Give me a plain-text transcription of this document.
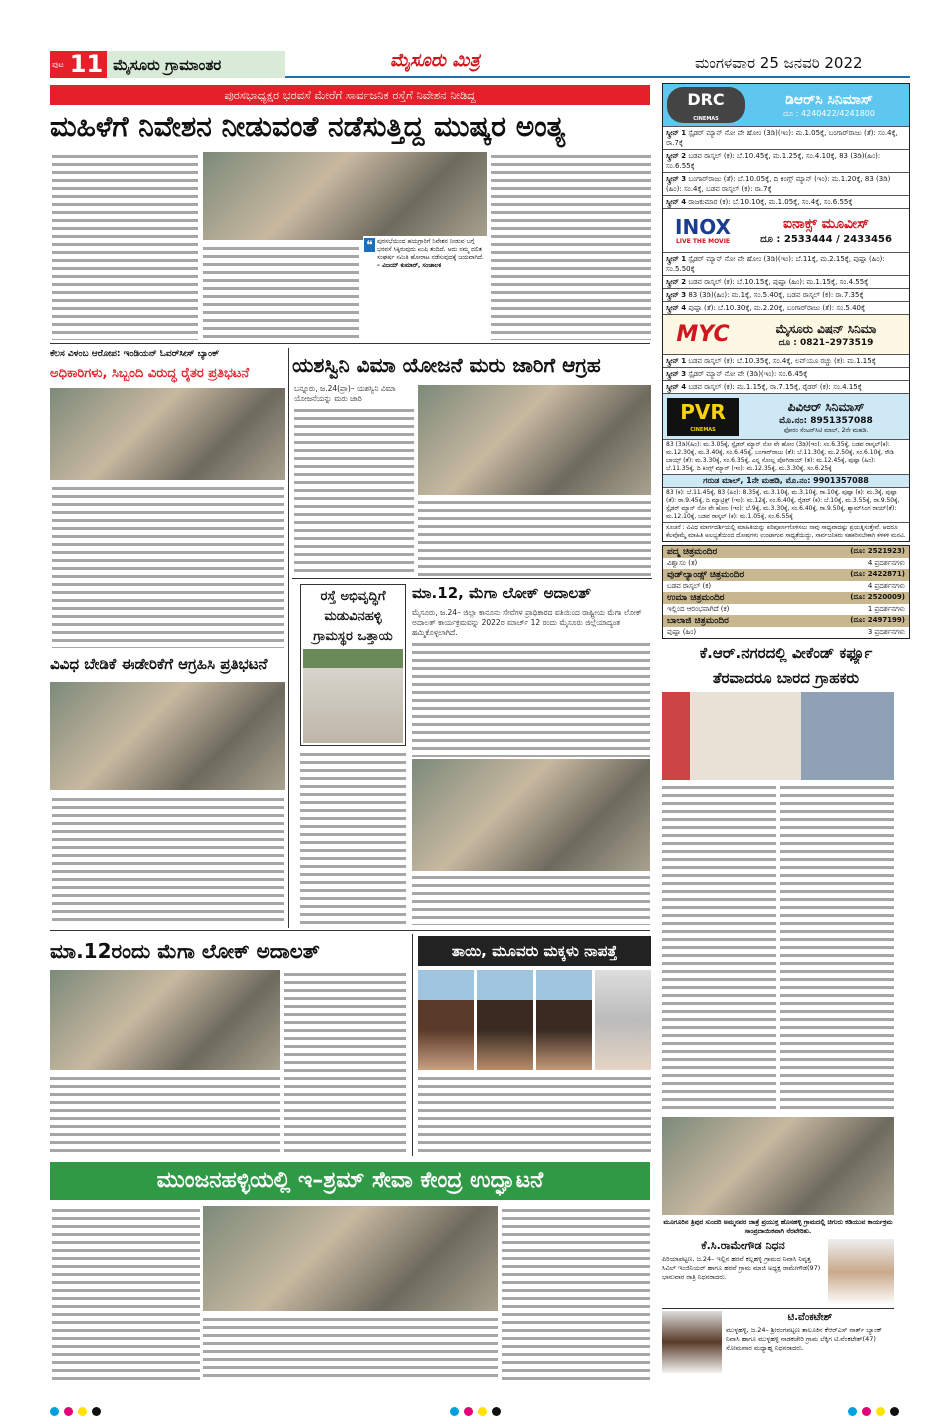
ಪುಟ 11 ಮೈಸೂರು ಗ್ರಾಮಾಂತರ	ಮೈಸೂರು ಮಿತ್ರ	ಮಂಗಳವಾರ 25 ಜನವರಿ 2022
ಪುರಸಭಾಧ್ಯಕ್ಷರ ಭರವಸೆ ಮೇರೆಗೆ ಸಾರ್ವಜನಿಕ ರಸ್ತೆಗೆ ನಿವೇಶನ ನೀಡಿದ್ದ
ಮಹಿಳೆಗೆ ನಿವೇಶನ ನೀಡುವಂತೆ ನಡೆಸುತ್ತಿದ್ದ ಮುಷ್ಕರ ಅಂತ್ಯ
❝ ಪುರಸಭೆಯಿಂದ ಹಯಗ್ರಾರಿಗೆ ನಿವೇಶನ ನೀಡುವ ಬಗ್ಗೆ ಭರವಸೆ ಸಿಕ್ಕಿರುವುದು ಖುಷಿ ತಂದಿದೆ. ಅದು ನಮ್ಮ ದಲಿತ ಸಂಘರ್ಷ ಸಮಿತಿ ಹೋರಾಟ ನಡೆಸುವುದಕ್ಕೆ ಜಯವಾಗಿದೆ. – ವಿಜಯ್ ಕುಮಾರ್, ಸಂಚಾಲಕ
ಕೆಲಸ ವಿಳಂಬ ಆರೋಪ: ಇಂಡಿಯನ್ ಓವರ್‌ಸೀಸ್ ಬ್ಯಾಂಕ್
ಅಧಿಕಾರಿಗಳು, ಸಿಬ್ಬಂದಿ ವಿರುದ್ಧ ರೈತರ ಪ್ರತಿಭಟನೆ
ವಿವಿಧ ಬೇಡಿಕೆ ಈಡೇರಿಕೆಗೆ ಆಗ್ರಹಿಸಿ ಪ್ರತಿಭಟನೆ
ಯಶಸ್ವಿನಿ ವಿಮಾ ಯೋಜನೆ ಮರು ಜಾರಿಗೆ ಆಗ್ರಹ
ಬನ್ನೂರು, ಜ.24(ಪ್ರಾ)– ಯಶಸ್ವಿನಿ ವಿಮಾ ಯೋಜನೆಯನ್ನು ಮರು ಜಾರಿ
ರಸ್ತೆ ಅಭಿವೃದ್ಧಿಗೆ ಮಡುವಿನಹಳ್ಳಿ ಗ್ರಾಮಸ್ಥರ ಒತ್ತಾಯ
ಮಾ.12, ಮೆಗಾ ಲೋಕ್ ಅದಾಲತ್
ಮೈಸೂರು, ಜ.24– ಜಿಲ್ಲಾ ಕಾನೂನು ಸೇವೆಗಳ ಪ್ರಾಧಿಕಾರದ ವತಿಯಿಂದ ರಾಷ್ಟ್ರೀಯ ಮೆಗಾ ಲೋಕ್ ಅದಾಲತ್ ಕಾರ್ಯಕ್ರಮವನ್ನು 2022ರ ಮಾರ್ಚ್ 12 ರಂದು ಮೈಸೂರು ಜಿಲ್ಲೆಯಾದ್ಯಂತ ಹಮ್ಮಿಕೊಳ್ಳಲಾಗಿದೆ.
ಮಾ.12ರಂದು ಮೆಗಾ ಲೋಕ್ ಅದಾಲತ್	ತಾಯಿ, ಮೂವರು ಮಕ್ಕಳು ನಾಪತ್ತೆ
ಮುಂಜನಹಳ್ಳಿಯಲ್ಲಿ ಇ–ಶ್ರಮ್ ಸೇವಾ ಕೇಂದ್ರ ಉದ್ಘಾಟನೆ
DRC
CINEMAS
ಡಿಆರ್‌ಸಿ ಸಿನಿಮಾಸ್
ದೂ : 4240422/4241800
ಸ್ಕ್ರೀನ್ 1 ಸ್ಪೈಡರ್ ಮ್ಯಾನ್ ನೋ ವೇ ಹೋಂ (3ಡಿ)(ಇಂ): ಮ.1.05ಕ್ಕೆ, ಬಂಗಾರ್‌ರಾಜು (ತೆ): ಸಂ.4ಕ್ಕೆ, ರಾ.7ಕ್ಕೆ
ಸ್ಕ್ರೀನ್ 2 ಬಡವ ರಾಸ್ಕಲ್ (ಕ): ಬೆ.10.45ಕ್ಕೆ, ಮ.1.25ಕ್ಕೆ, ಸಂ.4.10ಕ್ಕೆ, 83 (3ಡಿ)(ಹಿಂ): ಸಂ.6.55ಕ್ಕೆ
ಸ್ಕ್ರೀನ್ 3 ಬಂಗಾರ್‌ರಾಜು (ತೆ): ಬೆ.10.05ಕ್ಕೆ, ದಿ ಕಿಂಗ್ಸ್ ಮ್ಯಾನ್ (ಇಂ): ಮ.1.20ಕ್ಕೆ, 83 (3ಡಿ)(ಹಿಂ): ಸಂ.4ಕ್ಕೆ, ಬಡವ ರಾಸ್ಕಲ್ (ಕ): ರಾ.7ಕ್ಕೆ
ಸ್ಕ್ರೀನ್ 4 ರಾಜಕುಮಾರ (ಕ): ಬೆ.10.10ಕ್ಕೆ, ಮ.1.05ಕ್ಕೆ, ಸಂ.4ಕ್ಕೆ, ಸಂ.6.55ಕ್ಕೆ
INOX
LIVE THE MOVIE
ಐನಾಕ್ಸ್ ಮೂವೀಸ್
ದೂ : 2533444 / 2433456
ಸ್ಕ್ರೀನ್ 1 ಸ್ಪೈಡರ್ ಮ್ಯಾನ್ ನೋ ವೇ ಹೋಂ (3ಡಿ)(ಇಂ): ಬೆ.11ಕ್ಕೆ, ಮ.2.15ಕ್ಕೆ, ಪುಷ್ಪಾ (ಹಿಂ): ಸಂ.5.50ಕ್ಕೆ
ಸ್ಕ್ರೀನ್ 2 ಬಡವ ರಾಸ್ಕಲ್ (ಕ): ಬೆ.10.15ಕ್ಕೆ, ಪುಷ್ಪಾ (ಹಿಂ): ಮ.1.15ಕ್ಕೆ, ಸಂ.4.55ಕ್ಕೆ
ಸ್ಕ್ರೀನ್ 3 83 (3ಡಿ)(ಹಿಂ): ಮ.1ಕ್ಕೆ, ಸಂ.5.40ಕ್ಕೆ, ಬಡವ ರಾಸ್ಕಲ್ (ಕ): ರಾ.7.35ಕ್ಕೆ
ಸ್ಕ್ರೀನ್ 4 ಪುಷ್ಪಾ (ತೆ): ಬೆ.10.30ಕ್ಕೆ, ಮ.2.20ಕ್ಕೆ, ಬಂಗಾರ್‌ರಾಜು (ತೆ): ಸಂ.5.40ಕ್ಕೆ
MYC	ಮೈಸೂರು ವಿಷನ್ ಸಿನಿಮಾ
ದೂ : 0821–2973519
ಸ್ಕ್ರೀನ್ 1 ಬಡವ ರಾಸ್ಕಲ್ (ಕ): ಬೆ.10.35ಕ್ಕೆ, ಸಂ.4ಕ್ಕೆ, ಲವ್‌ಯೂ ರಚ್ಚು (ಕ): ಮ.1.15ಕ್ಕೆ
ಸ್ಕ್ರೀನ್ 3 ಸ್ಪೈಡರ್ ಮ್ಯಾನ್ ನೋ ವೇ (3ಡಿ)(ಇಂ): ಸಂ.6.45ಕ್ಕೆ
ಸ್ಕ್ರೀನ್ 4 ಬಡವ ರಾಸ್ಕಲ್ (ಕ): ಮ.1.15ಕ್ಕೆ, ರಾ.7.15ಕ್ಕೆ, ರೈಡರ್ (ಕ): ಸಂ.4.15ಕ್ಕೆ
PVR
CINEMAS
ಪಿವಿಆರ್ ಸಿನಿಮಾಸ್
ಮೊ.ನಂ: 8951357088
ಫೋರಂ ಸೆಂಟರ್‌ಸಿಟಿ ಮಾಲ್, 2ನೇ ಮಹಡಿ.
83 (3ಡಿ)(ಹಿಂ): ಮ.3.05ಕ್ಕೆ, ಸ್ಪೈಡರ್ ಮ್ಯಾನ್ ನೋ ವೇ ಹೋಂ (3ಡಿ)(ಇಂ): ಸಂ.6.35ಕ್ಕೆ, ಬಡವ ರಾಸ್ಕಲ್(ಕ): ಮ.12.30ಕ್ಕೆ, ಮ.3.40ಕ್ಕೆ, ಸಂ.6.45ಕ್ಕೆ, ಬಂಗಾರ್‌ರಾಜು (ತೆ): ಬೆ.11.30ಕ್ಕೆ, ಮ.2.50ಕ್ಕೆ, ಸಂ.6.10ಕ್ಕೆ, ರೌಡಿ ಬಾಯ್ಸ್ (ತೆ): ಮ.3.30ಕ್ಕೆ, ಸಂ.6.35ಕ್ಕೆ, ಎನ್ನ ಸೋಲ್ಲ ಪೋಗಿರಾಯ್ (ತ): ಮ.12.45ಕ್ಕೆ, ಪುಷ್ಪಾ (ಹಿಂ): ಬೆ.11.35ಕ್ಕೆ, ದಿ ಕಿಂಗ್ಸ್ ಮ್ಯಾನ್ (ಇಂ): ಮ.12.35ಕ್ಕೆ, ಮ.3.30ಕ್ಕೆ, ಸಂ.6.25ಕ್ಕೆ
ಗರುಡ ಮಾಲ್, 1ನೇ ಮಹಡಿ, ಮೊ.ನಂ: 9901357088
83 (ಕ): ಬೆ.11.45ಕ್ಕೆ, 83 (ಹಿಂ): 8.35ಕ್ಕೆ, ಮ.3.10ಕ್ಕೆ, ಮ.3.10ಕ್ಕೆ, ರಾ.10ಕ್ಕೆ, ಪುಷ್ಪಾ (ಕ): ಮ.3ಕ್ಕೆ, ಪುಷ್ಪಾ (ತೆ): ರಾ.9.45ಕ್ಕೆ, ದಿ ಮ್ಯಾಟ್ರಿಕ್ಸ್ (ಇಂ): ಮ.12ಕ್ಕೆ, ಸಂ.6.40ಕ್ಕೆ, ರೈಡರ್ (ಕ): ಬೆ.10ಕ್ಕೆ, ಮ.3.55ಕ್ಕೆ, ರಾ.9.50ಕ್ಕೆ, ಸ್ಪೈಡರ್ ಮ್ಯಾನ್ ನೋ ವೇ ಹೋಂ (ಇಂ): ಬೆ.9ಕ್ಕೆ, ಮ.3.30ಕ್ಕೆ, ಸಂ.6.40ಕ್ಕೆ, ರಾ.9.50ಕ್ಕೆ, ಶ್ಯಾಮ್‌ಸಿಂಗ ರಾಯ್(ತೆ): ಮ.12.10ಕ್ಕೆ, ಬಡವ ರಾಸ್ಕಲ್ (ಕ): ಮ.1.05ಕ್ಕೆ, ಸಂ.6.55ಕ್ಕೆ
ಸೂಚನೆ : ವಿವಿಧ ಮಾರ್ಗದರ್ಶಿಯಲ್ಲಿ ಮಾಹಿತಿಯನ್ನು ಪರಿಪೂರ್ಣಗೊಳಿಸಲು ನಾವು ಸಾಧ್ಯವಾದಷ್ಟು ಪ್ರಯತ್ನಿಸುತ್ತೇವೆ. ಆದರೂ ಕೆಲವೊಮ್ಮೆ ಮಾಹಿತಿ ಅಲಭ್ಯತೆಯಿಂದ ದೋಷಗಳು ಉಂಟಾಗುವ ಸಾಧ್ಯತೆಯಿದ್ದು, ಸಾರ್ವಜನಿಕರು ಸಹಕರಿಸಬೇಕಾಗಿ ಕಳಕಳಿ ಮನವಿ.
ಪದ್ಮ ಚಿತ್ರಮಂದಿರ	(ದೂ: 2521923)
ವಿಶ್ವಾಸಂ (ತ)	4 ಪ್ರದರ್ಶನಗಳು
ವುಡ್‌ಲ್ಯಾಂಡ್ಸ್ ಚಿತ್ರಮಂದಿರ	(ದೂ: 2422871)
ಬಡವ ರಾಸ್ಕಲ್ (ಕ)	4 ಪ್ರದರ್ಶನಗಳು
ಉಮಾ ಚಿತ್ರಮಂದಿರ	(ದೂ: 2520009)
ಇಲ್ಲಿಂದ ಆರಂಭವಾಗಿದೆ (ಕ)	1 ಪ್ರದರ್ಶನಗಳು
ಬಾಲಾಜಿ ಚಿತ್ರಮಂದಿರ	(ದೂ: 2497199)
ಪುಷ್ಪಾ (ಹಿಂ)	3 ಪ್ರದರ್ಶನಗಳು
ಕೆ.ಆರ್.ನಗರದಲ್ಲಿ ವೀಕೆಂಡ್ ಕರ್ಫ್ಯೂ
ತೆರವಾದರೂ ಬಾರದ ಗ್ರಾಹಕರು
ಮೂಗೂರಿನ ತ್ರಿಪುರ ಸುಂದರಿ ಅಮ್ಮನವರ ಜಾತ್ರೆ ಪ್ರಯುಕ್ತ ಹೊಸಹಳ್ಳಿ ಗ್ರಾಮದಲ್ಲಿ ಚಿಗುರು ಕಡಿಯುವ ಕಾರ್ಯಕ್ರಮ ಸಾಂಪ್ರದಾಯಿಕವಾಗಿ ನೆರವೇರಿತು.
ಕೆ.ಸಿ.ರಾಮೇಗೌಡ ನಿಧನ
ಪಿರಿಯಾಪಟ್ಟಣ, ಜ.24– ಇಲ್ಲಿನ ಹರವೆ ಕಲ್ಲಹಳ್ಳಿ ಗ್ರಾಮದ ನಿವಾಸಿ ನಿವೃತ್ತ ಸಿವಿಲ್ ಇಂಜಿನಿಯರ್ ಹಾಗೂ ಹರವೆ ಗ್ರಾಮ ಮಾಜಿ ಅಧ್ಯಕ್ಷ ರಾಮೇಗೌಡ(97) ಭಾನುವಾರ ರಾತ್ರಿ ನಿಧನರಾದರು.
ಟಿ.ವೆಂಕಟೇಶ್
ಮುಳ್ಳಹಳ್ಳಿ, ಜ.24– ಶ್ರೀರಂಗಪಟ್ಟಣ ತಾಲೂಕಿನ ಕೆಆರ್‌ಎಸ್ ನಾರ್ತ್ ಬ್ಯಾಂಕ್ ನಿವಾಸಿ ಹಾಗೂ ಮುಳ್ಳಹಳ್ಳಿ ನಾಡಕಚೇರಿ ಗ್ರಾಮ ಲೆಕ್ಕಿಗ ಟಿ.ವೆಂಕಟೇಶ್(47) ಸೋಮವಾರ ಮಧ್ಯಾಹ್ನ ನಿಧನರಾದರು.
